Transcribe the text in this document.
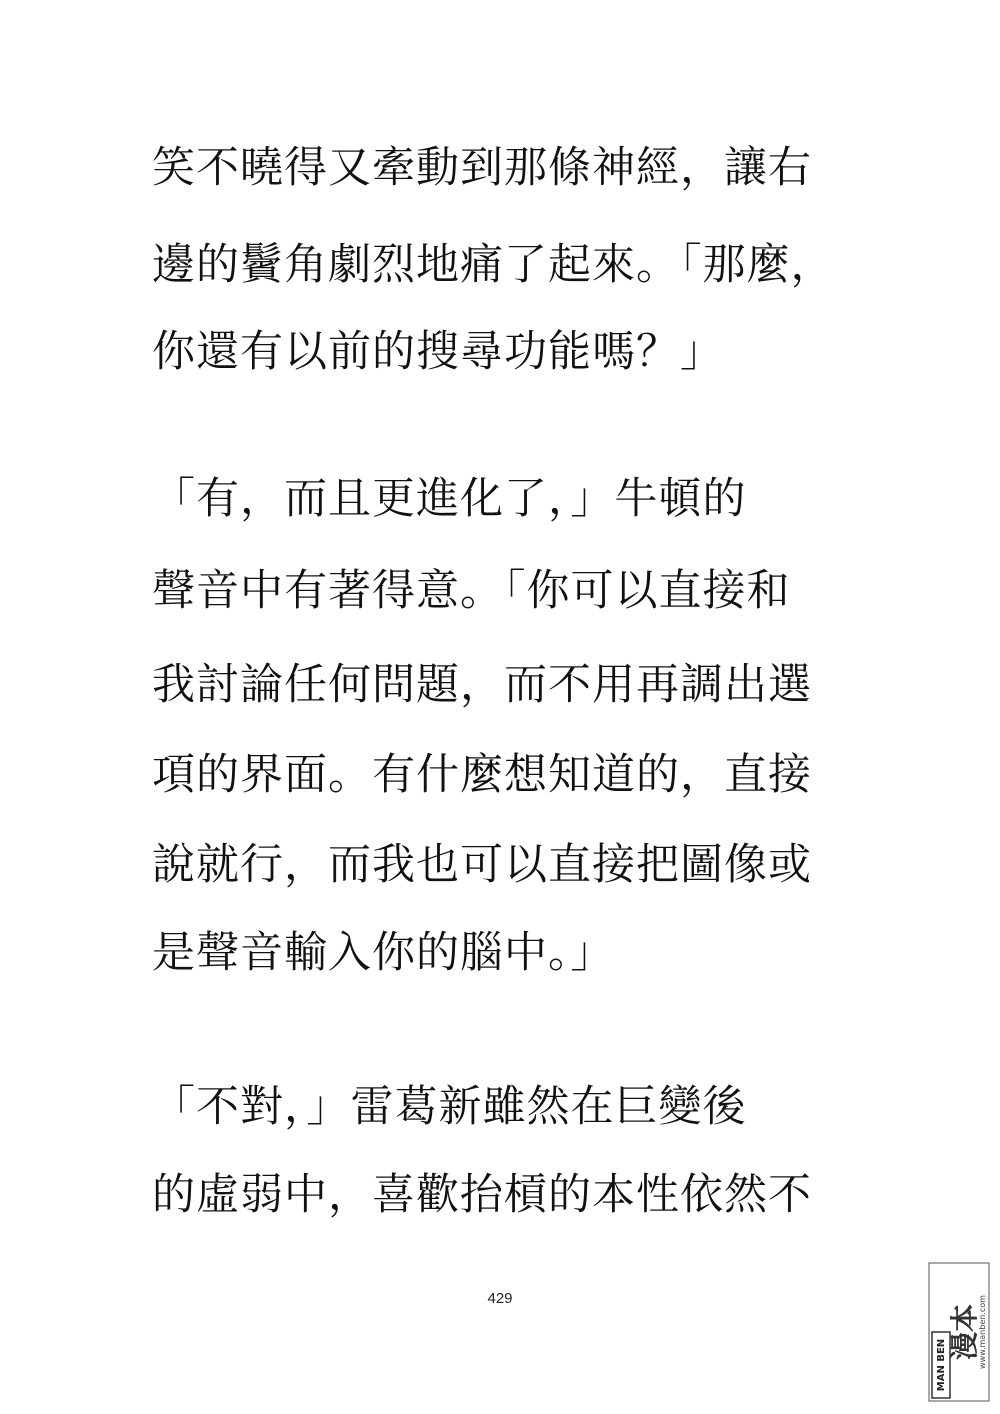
笑不曉得又牽動到那條神經，讓右
邊的鬢角劇烈地痛了起來。「那麼，
你還有以前的搜尋功能嗎？」
「有，而且更進化了，」牛頓的
聲音中有著得意。「你可以直接和
我討論任何問題，而不用再調出選
項的界面。有什麼想知道的，直接
說就行，而我也可以直接把圖像或
是聲音輸入你的腦中。」
「不對，」雷葛新雖然在巨變後
的虛弱中，喜歡抬槓的本性依然不
429
MAN BEN
漫本
www.manben.com
